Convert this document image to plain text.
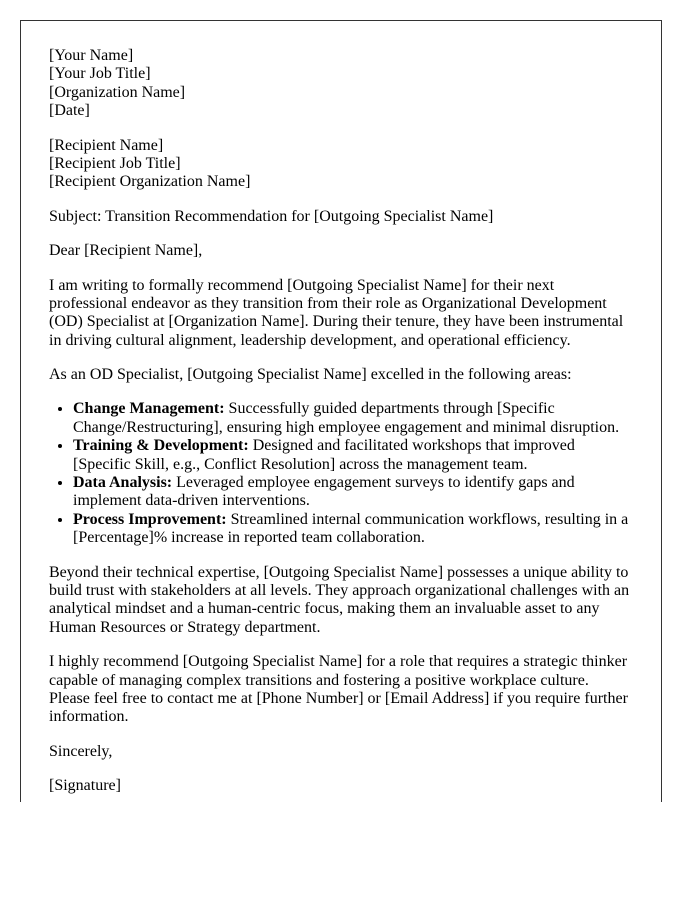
[Your Name]
[Your Job Title]
[Organization Name]
[Date]
[Recipient Name]
[Recipient Job Title]
[Recipient Organization Name]

Subject: Transition Recommendation for [Outgoing Specialist Name]

Dear [Recipient Name],

I am writing to formally recommend [Outgoing Specialist Name] for their next professional endeavor as they transition from their role as Organizational Development (OD) Specialist at [Organization Name]. During their tenure, they have been instrumental in driving cultural alignment, leadership development, and operational efficiency.

As an OD Specialist, [Outgoing Specialist Name] excelled in the following areas:

• Change Management: Successfully guided departments through [Specific Change/Restructuring], ensuring high employee engagement and minimal disruption.
• Training & Development: Designed and facilitated workshops that improved [Specific Skill, e.g., Conflict Resolution] across the management team.
• Data Analysis: Leveraged employee engagement surveys to identify gaps and implement data-driven interventions.
• Process Improvement: Streamlined internal communication workflows, resulting in a [Percentage]% increase in reported team collaboration.

Beyond their technical expertise, [Outgoing Specialist Name] possesses a unique ability to build trust with stakeholders at all levels. They approach organizational challenges with an analytical mindset and a human-centric focus, making them an invaluable asset to any Human Resources or Strategy department.

I highly recommend [Outgoing Specialist Name] for a role that requires a strategic thinker capable of managing complex transitions and fostering a positive workplace culture. Please feel free to contact me at [Phone Number] or [Email Address] if you require further information.

Sincerely,

[Signature]
